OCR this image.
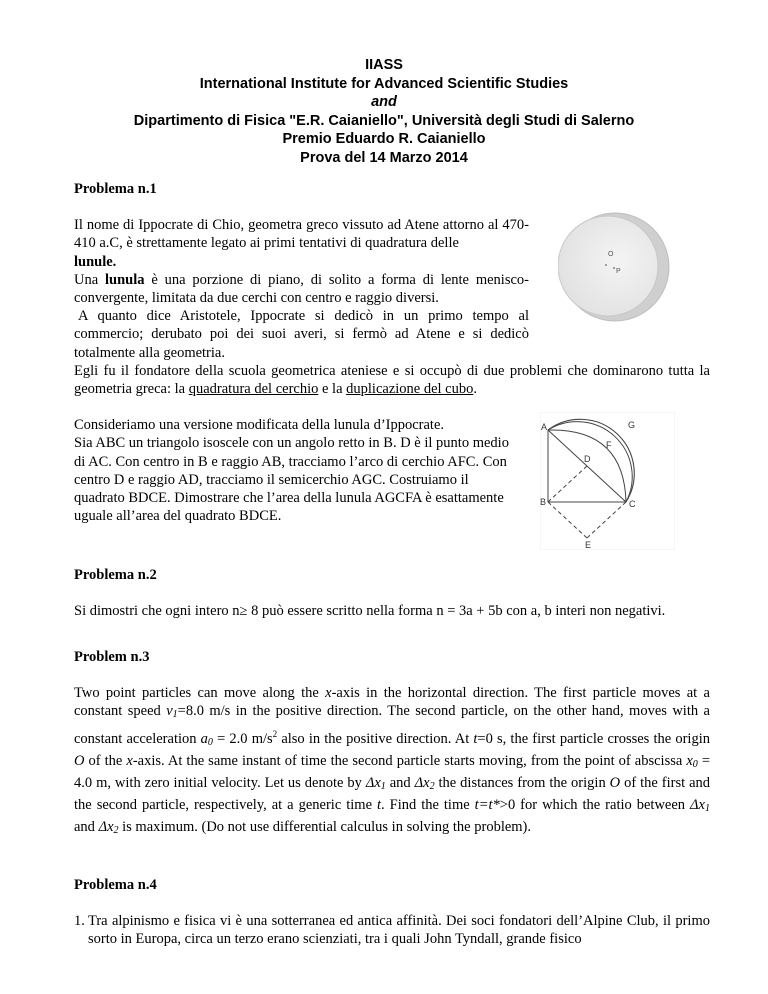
IIASS
International Institute for Advanced Scientific Studies
and
Dipartimento di Fisica "E.R. Caianiello", Università degli Studi di Salerno
Premio Eduardo R. Caianiello
Prova del 14 Marzo 2014
Problema n.1
Il nome di Ippocrate di Chio, geometra greco vissuto ad Atene attorno al 470-410 a.C, è strettamente legato ai primi tentativi di quadratura delle
lunule.
Una lunula è una porzione di piano, di solito a forma di lente menisco-convergente, limitata da due cerchi con centro e raggio diversi.
A quanto dice Aristotele, Ippocrate si dedicò in un primo tempo al commercio; derubato poi dei suoi averi, si fermò ad Atene e si dedicò totalmente alla geometria.
Egli fu il fondatore della scuola geometrica ateniese e si occupò di due problemi che dominarono tutta la geometria greca: la quadratura del cerchio e la duplicazione del cubo.
Consideriamo una versione modificata della lunula d’Ippocrate.
Sia ABC un triangolo isoscele con un angolo retto in B. D è il punto medio di AC. Con centro in B e raggio AB, tracciamo l’arco di cerchio AFC. Con centro D e raggio AD, tracciamo il semicerchio AGC. Costruiamo il quadrato BDCE. Dimostrare che l’area della lunula AGCFA è esattamente uguale all’area del quadrato BDCE.
O
P
A
B	C
D
E
F
G
Problema n.2
Si dimostri che ogni intero n≥ 8 può essere scritto nella forma n = 3a + 5b con a, b interi non negativi.
Problem n.3
Two point particles can move along the x-axis in the horizontal direction. The first particle moves at a constant speed $v_1=8.0$ m/s in the positive direction. The second particle, on the other hand, moves with a constant acceleration $a_0 = 2.0$ $m/s^2$ also in the positive direction. At t=0 s, the first particle crosses the origin O of the x-axis. At the same instant of time the second particle starts moving, from the point of abscissa $x_0 = 4.0$ m, with zero initial velocity. Let us denote by $\Delta x_1$ and $\Delta x_2$ the distances from the origin O of the first and the second particle, respectively, at a generic time t. Find the time t=t*>0 for which the ratio between $\Delta x_1$ and $\Delta x_2$ is maximum. (Do not use differential calculus in solving the problem).
Problema n.4
1. Tra alpinismo e fisica vi è una sotterranea ed antica affinità. Dei soci fondatori dell’Alpine Club, il primo sorto in Europa, circa un terzo erano scienziati, tra i quali John Tyndall, grande fisico
